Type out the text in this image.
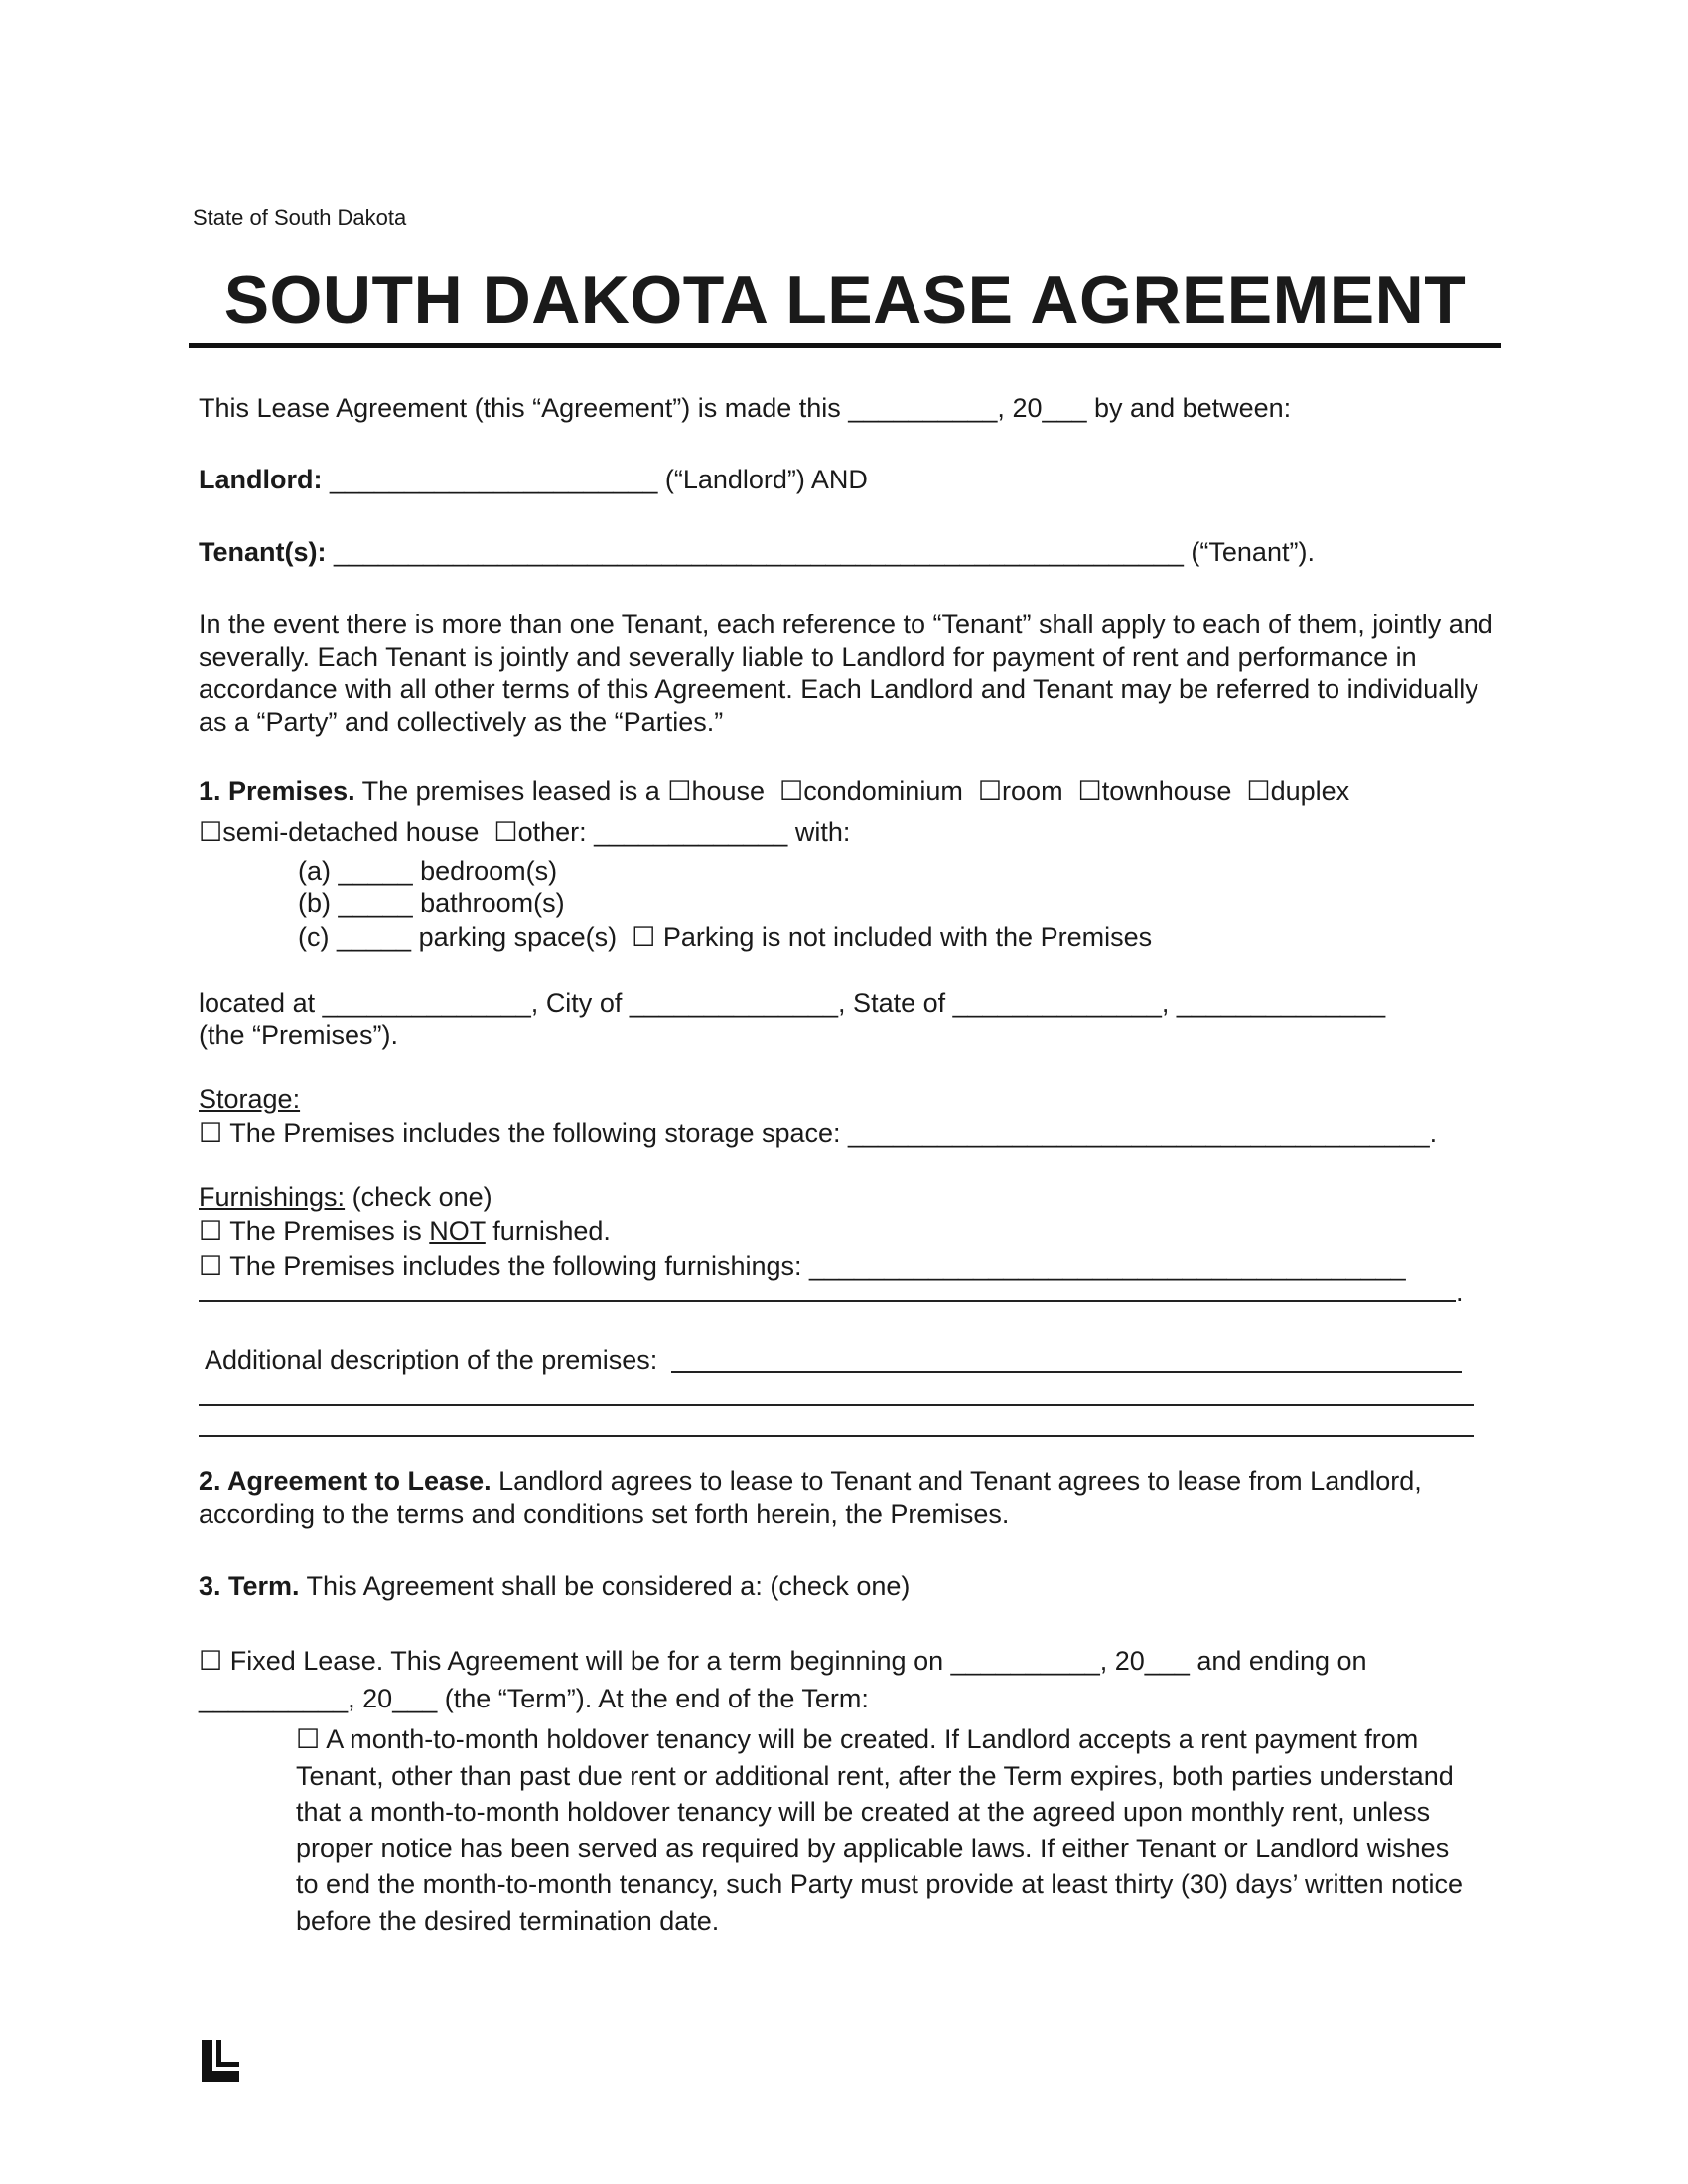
State of South Dakota
SOUTH DAKOTA LEASE AGREEMENT
This Lease Agreement (this “Agreement”) is made this __________, 20___ by and between:
Landlord: ______________________ (“Landlord”) AND
Tenant(s): _________________________________________________________ (“Tenant”).
In the event there is more than one Tenant, each reference to “Tenant” shall apply to each of them, jointly and severally. Each Tenant is jointly and severally liable to Landlord for payment of rent and performance in accordance with all other terms of this Agreement. Each Landlord and Tenant may be referred to individually as a “Party” and collectively as the “Parties.”
1. Premises. The premises leased is a ☐house  ☐condominium  ☐room  ☐townhouse  ☐duplex
☐semi-detached house  ☐other: _____________ with:
(a) _____ bedroom(s)
(b) _____ bathroom(s)
(c) _____ parking space(s)  ☐ Parking is not included with the Premises
located at ______________, City of ______________, State of ______________, ______________
(the “Premises”).
Storage:
☐ The Premises includes the following storage space: _______________________________________.
Furnishings: (check one)
☐ The Premises is NOT furnished.
☐ The Premises includes the following furnishings: ________________________________________
.
Additional description of the premises:
2. Agreement to Lease. Landlord agrees to lease to Tenant and Tenant agrees to lease from Landlord, according to the terms and conditions set forth herein, the Premises.
3. Term. This Agreement shall be considered a: (check one)
☐ Fixed Lease. This Agreement will be for a term beginning on __________, 20___ and ending on
__________, 20___ (the “Term”). At the end of the Term:
☐ A month-to-month holdover tenancy will be created. If Landlord accepts a rent payment from Tenant, other than past due rent or additional rent, after the Term expires, both parties understand that a month-to-month holdover tenancy will be created at the agreed upon monthly rent, unless proper notice has been served as required by applicable laws. If either Tenant or Landlord wishes to end the month-to-month tenancy, such Party must provide at least thirty (30) days’ written notice before the desired termination date.
